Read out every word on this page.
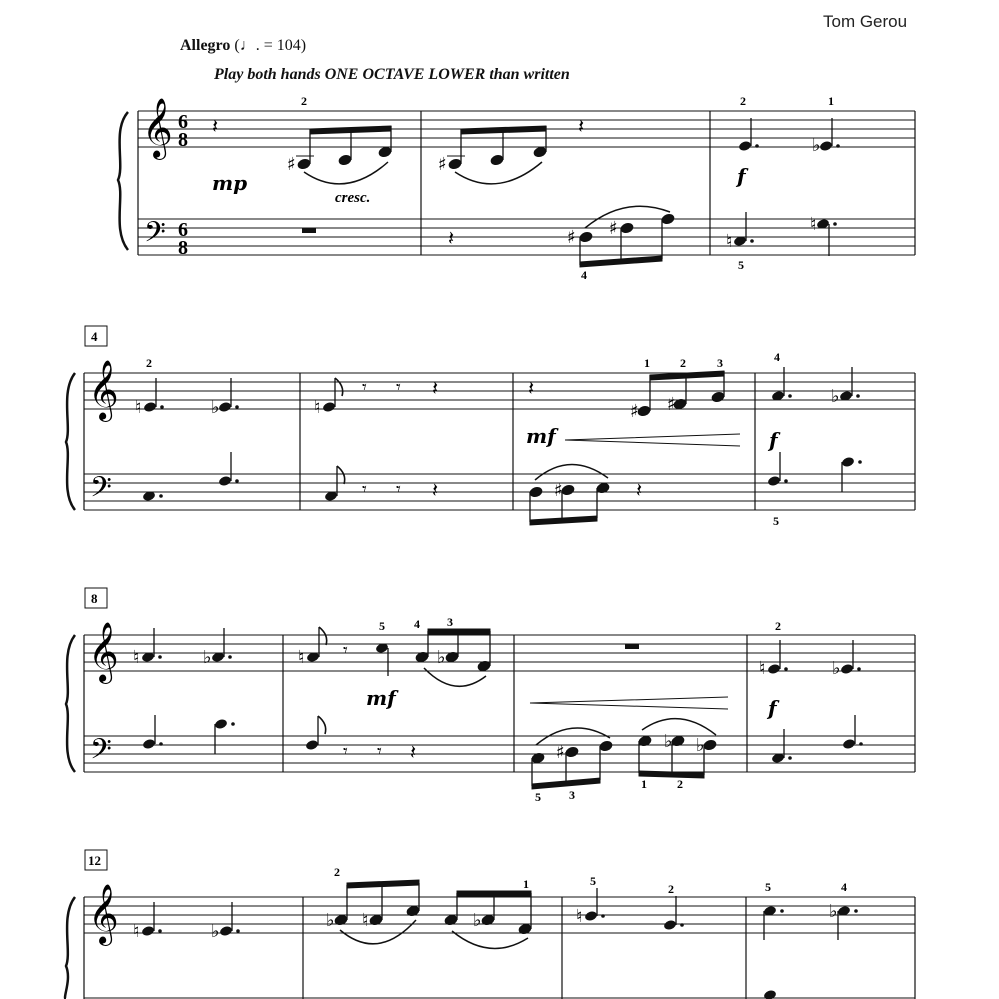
Tom Gerou
Allegro (♩. = 104)
Play both hands ONE OCTAVE LOWER than written
𝄞
𝄢
6
8
6
8
𝄽
♯
2
mp
cresc.
♯
𝄽
𝄽	♯ ♯
4
♭
2	1
f
♮
♮
5
4
𝄞
𝄢
♮
2
♭	♮
𝄾 𝄾 𝄽
𝄾 𝄾 𝄽
𝄽
♯ ♯
1	2	3
mf
♯	𝄽
4
♭
f
5
8
𝄞
𝄢
♮	♭	♮ 𝄾	♭
5 4 3
mf
𝄾 𝄾 𝄽	♯
♭ ♭
5 3
1	2
♮
2
♭
f
12
𝄞 ♮	♭
♭ ♮
2
♭
1
♮
5
2	5
♭
4
